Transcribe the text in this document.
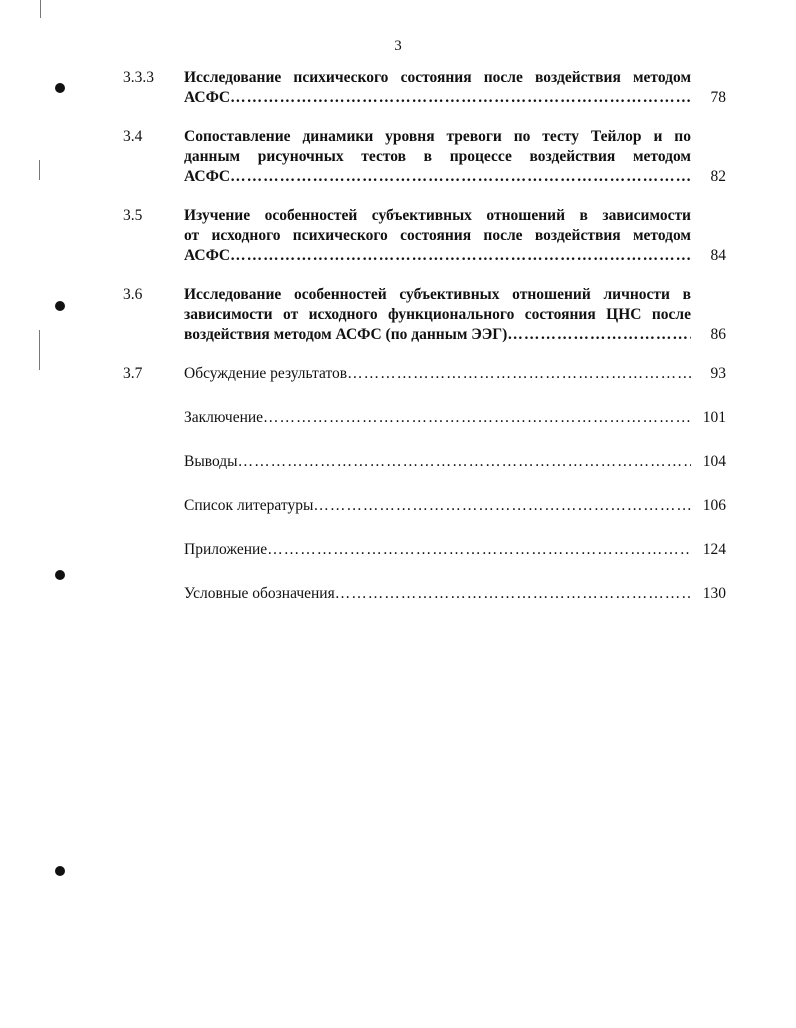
3
3.3.3 Исследование психического состояния после воздействия методом
АСФС ……………………………………………………………………………………………………………………………………………………………………………	78
3.4	Сопоставление динамики уровня тревоги по тесту Тейлор и по
данным рисуночных тестов в процессе воздействия методом
АСФС ……………………………………………………………………………………………………………………………………………………………………………	82
3.5	Изучение особенностей субъективных отношений в зависимости
от исходного психического состояния после воздействия методом
АСФС ……………………………………………………………………………………………………………………………………………………………………………	84
3.6	Исследование особенностей субъективных отношений личности в
зависимости от исходного функционального состояния ЦНС после
воздействия методом АСФС (по данным ЭЭГ) ……………………………………………………………………………………………………………………………………………………………………………	86
3.7	Обсуждение результатов ……………………………………………………………………………………………………………………………………………………………………………	93
Заключение ……………………………………………………………………………………………………………………………………………………………………………	101
Выводы ……………………………………………………………………………………………………………………………………………………………………………	104
Список литературы ……………………………………………………………………………………………………………………………………………………………………………	106
Приложение ……………………………………………………………………………………………………………………………………………………………………………	124
Условные обозначения ……………………………………………………………………………………………………………………………………………………………………………	130
